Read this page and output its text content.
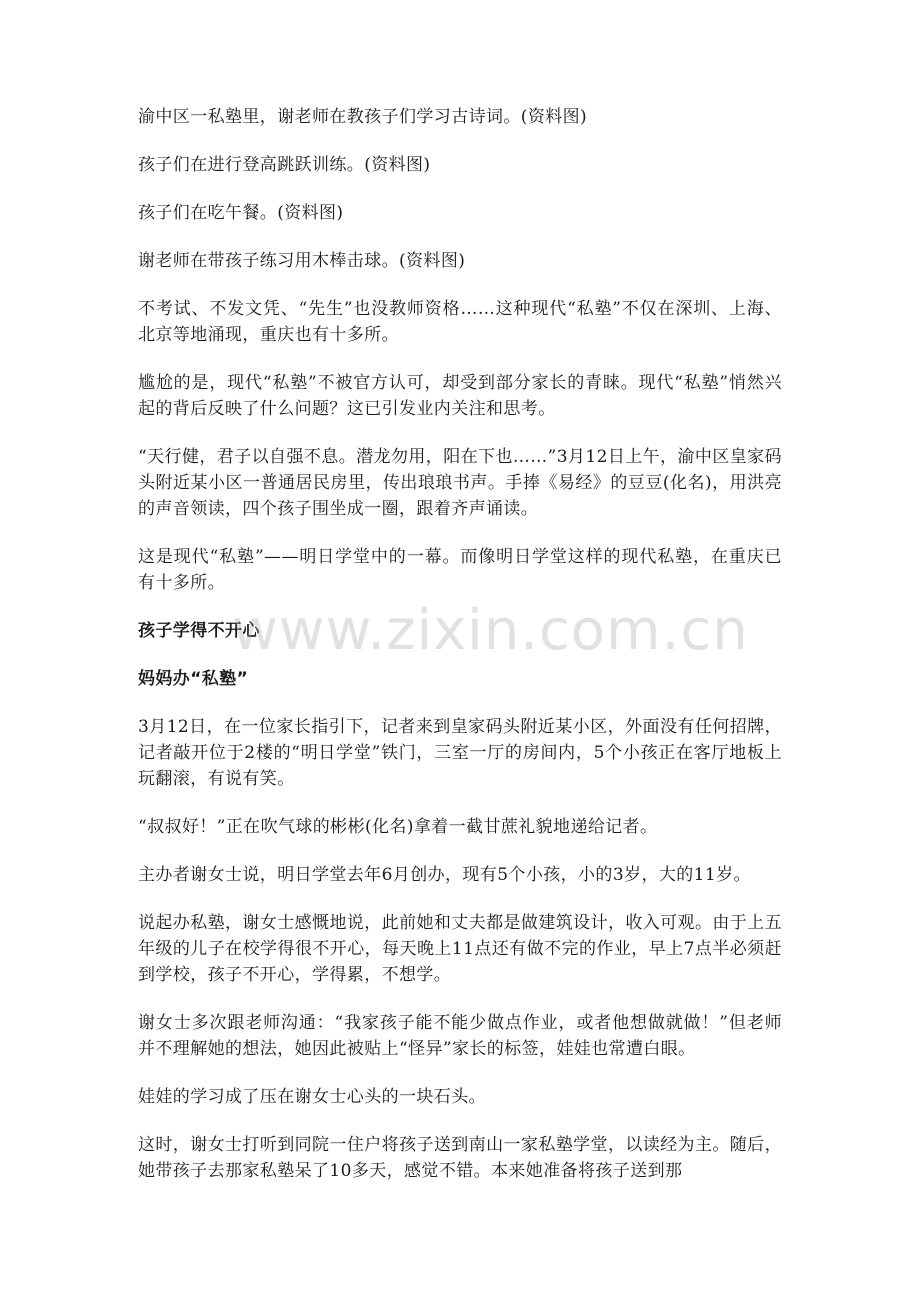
渝中区一私塾里，谢老师在教孩子们学习古诗词。(资料图)

孩子们在进行登高跳跃训练。(资料图)

孩子们在吃午餐。(资料图)

谢老师在带孩子练习用木棒击球。(资料图)

不考试、不发文凭、“先生”也没教师资格……这种现代“私塾”不仅在深圳、上海、北京等地涌现，重庆也有十多所。

尴尬的是，现代“私塾”不被官方认可，却受到部分家长的青睐。现代“私塾”悄然兴起的背后反映了什么问题？这已引发业内关注和思考。

“天行健，君子以自强不息。潜龙勿用，阳在下也……”3月12日上午，渝中区皇家码头附近某小区一普通居民房里，传出琅琅书声。手捧《易经》的豆豆(化名)，用洪亮的声音领读，四个孩子围坐成一圈，跟着齐声诵读。

这是现代“私塾”——明日学堂中的一幕。而像明日学堂这样的现代私塾，在重庆已有十多所。

孩子学得不开心

妈妈办“私塾”

3月12日，在一位家长指引下，记者来到皇家码头附近某小区，外面没有任何招牌，记者敲开位于2楼的“明日学堂”铁门，三室一厅的房间内，5个小孩正在客厅地板上玩翻滚，有说有笑。

“叔叔好！”正在吹气球的彬彬(化名)拿着一截甘蔗礼貌地递给记者。

主办者谢女士说，明日学堂去年6月创办，现有5个小孩，小的3岁，大的11岁。

说起办私塾，谢女士感慨地说，此前她和丈夫都是做建筑设计，收入可观。由于上五年级的儿子在校学得很不开心，每天晚上11点还有做不完的作业，早上7点半必须赶到学校，孩子不开心，学得累，不想学。

谢女士多次跟老师沟通：“我家孩子能不能少做点作业，或者他想做就做！”但老师并不理解她的想法，她因此被贴上“怪异”家长的标签，娃娃也常遭白眼。

娃娃的学习成了压在谢女士心头的一块石头。

这时，谢女士打听到同院一住户将孩子送到南山一家私塾学堂，以读经为主。随后，她带孩子去那家私塾呆了10多天，感觉不错。本来她准备将孩子送到那

www.zixin.com.cn
